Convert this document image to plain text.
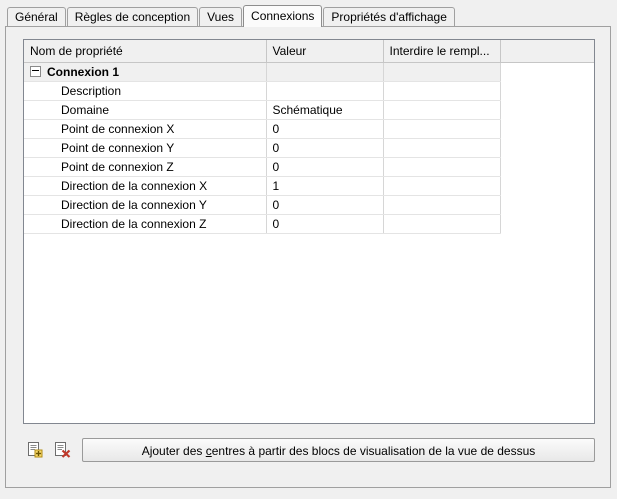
Général	Règles de conception	Vues	Connexions	Propriétés d'affichage
Nom de propriété	Valeur	Interdire le rempl...	

Connexion 1			

Description			

Domaine	Schématique		

Point de connexion X	0		

Point de connexion Y	0		

Point de connexion Z	0		

Direction de la connexion X	1		

Direction de la connexion Y	0		

Direction de la connexion Z	0		
Ajouter des centres à partir des blocs de visualisation de la vue de dessus
